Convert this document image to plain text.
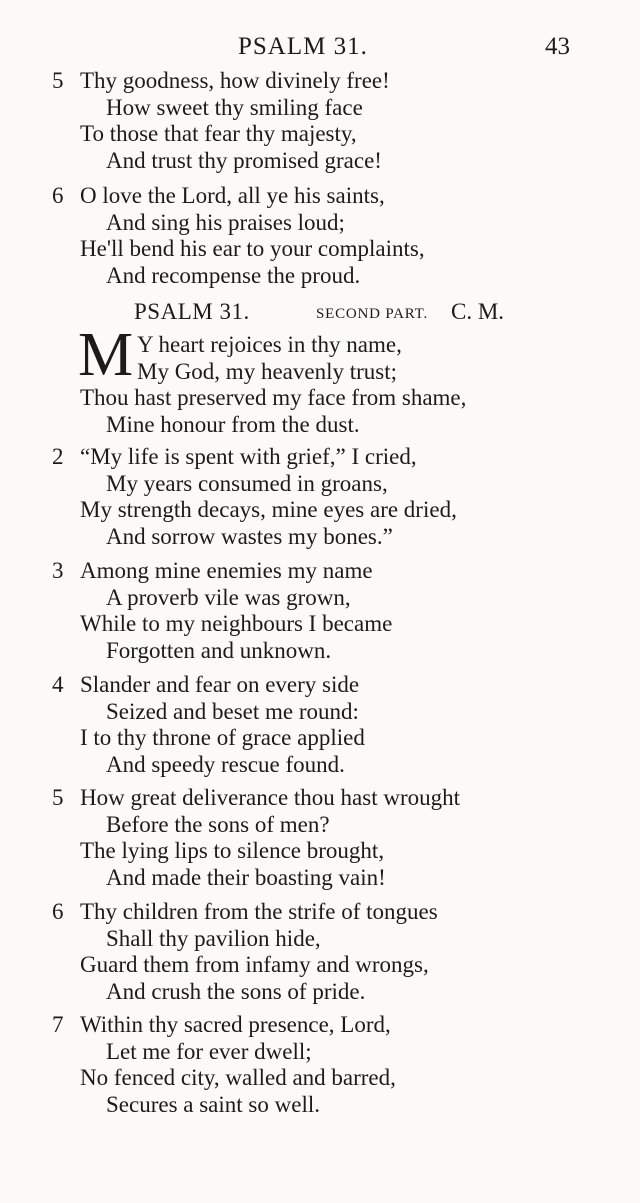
PSALM 31.	43
5 Thy goodness, how divinely free!
How sweet thy smiling face
To those that fear thy majesty,
And trust thy promised grace!
6 O love the Lord, all ye his saints,
And sing his praises loud;
He'll bend his ear to your complaints,
And recompense the proud.
PSALM 31.	SECOND PART. C. M.
M Y heart rejoices in thy name,
My God, my heavenly trust;
Thou hast preserved my face from shame,
Mine honour from the dust.
2 “My life is spent with grief,” I cried,
My years consumed in groans,
My strength decays, mine eyes are dried,
And sorrow wastes my bones.”
3 Among mine enemies my name
A proverb vile was grown,
While to my neighbours I became
Forgotten and unknown.
4 Slander and fear on every side
Seized and beset me round:
I to thy throne of grace applied
And speedy rescue found.
5 How great deliverance thou hast wrought
Before the sons of men?
The lying lips to silence brought,
And made their boasting vain!
6 Thy children from the strife of tongues
Shall thy pavilion hide,
Guard them from infamy and wrongs,
And crush the sons of pride.
7 Within thy sacred presence, Lord,
Let me for ever dwell;
No fenced city, walled and barred,
Secures a saint so well.
